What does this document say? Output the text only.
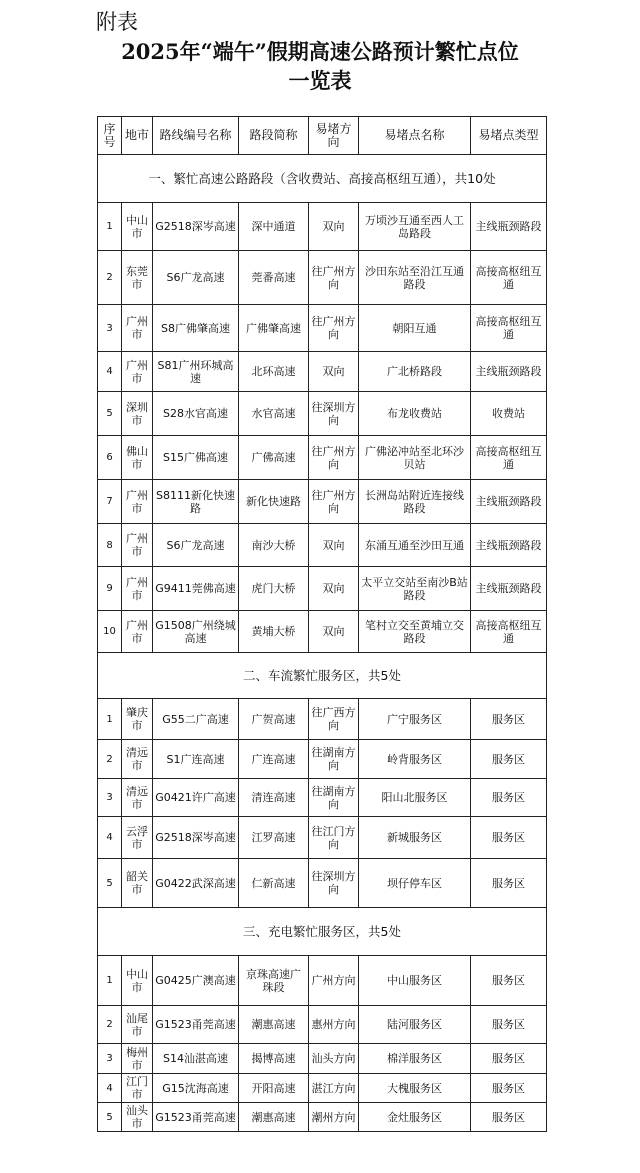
附表
2025年“端午”假期高速公路预计繁忙点位
一览表
序号	地市	路线编号名称	路段简称	易堵方向	易堵点名称	易堵点类型
一、繁忙高速公路路段（含收费站、高接高枢纽互通），共10处						
1	中山市	G2518深岑高速	深中通道	双向	万顷沙互通至西人工岛路段	主线瓶颈路段
2	东莞市	S6广龙高速	莞番高速	往广州方向	沙田东站至沿江互通路段	高接高枢纽互通
3	广州市	S8广佛肇高速	广佛肇高速	往广州方向	朝阳互通	高接高枢纽互通
4	广州市	S81广州环城高速	北环高速	双向	广北桥路段	主线瓶颈路段
5	深圳市	S28水官高速	水官高速	往深圳方向	布龙收费站	收费站
6	佛山市	S15广佛高速	广佛高速	往广州方向	广佛泌冲站至北环沙贝站	高接高枢纽互通
7	广州市	S8111新化快速路	新化快速路	往广州方向	长洲岛站附近连接线路段	主线瓶颈路段
8	广州市	S6广龙高速	南沙大桥	双向	东涌互通至沙田互通	主线瓶颈路段
9	广州市	G9411莞佛高速	虎门大桥	双向	太平立交站至南沙B站路段	主线瓶颈路段
10	广州市	G1508广州绕城高速	黄埔大桥	双向	笔村立交至黄埔立交路段	高接高枢纽互通
二、车流繁忙服务区，共5处						
1	肇庆市	G55二广高速	广贺高速	往广西方向	广宁服务区	服务区
2	清远市	S1广连高速	广连高速	往湖南方向	岭背服务区	服务区
3	清远市	G0421许广高速	清连高速	往湖南方向	阳山北服务区	服务区
4	云浮市	G2518深岑高速	江罗高速	往江门方向	新城服务区	服务区
5	韶关市	G0422武深高速	仁新高速	往深圳方向	坝仔停车区	服务区
三、充电繁忙服务区，共5处						
1	中山市	G0425广澳高速	京珠高速广珠段	广州方向	中山服务区	服务区
2	汕尾市	G1523甬莞高速	潮惠高速	惠州方向	陆河服务区	服务区
3	梅州市	S14汕湛高速	揭博高速	汕头方向	棉洋服务区	服务区
4	江门市	G15沈海高速	开阳高速	湛江方向	大槐服务区	服务区
5	汕头市	G1523甬莞高速	潮惠高速	潮州方向	金灶服务区	服务区
